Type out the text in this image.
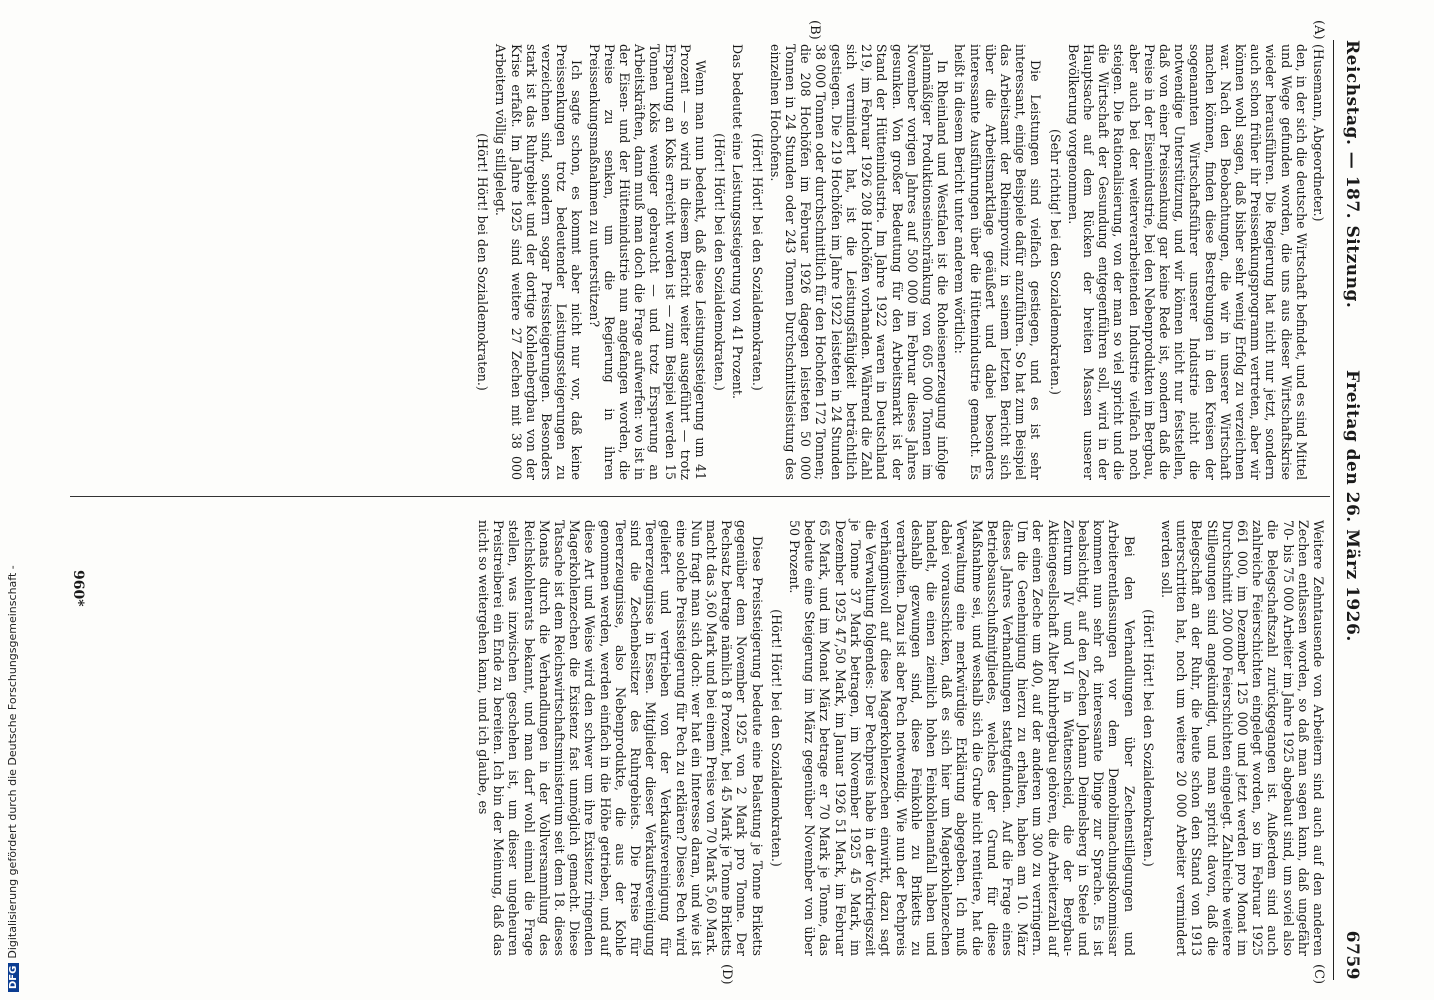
Reichstag. — 187. Sitzung.
Freitag den 26. März 1926.
6759
(A)
(B)
(C)
(D)

(Husemann, Abgeordneter.)

den, in der sich die deutsche Wirtschaft befindet, und es sind Mittel und Wege gefunden worden, die uns aus dieser Wirtschaftskrise wieder herausführen. Die Regierung hat nicht nur jetzt, sondern auch schon früher ihr Preissenkungsprogramm vertreten, aber wir können wohl sagen, daß bisher sehr wenig Erfolg zu verzeichnen war. Nach den Beobachtungen, die wir in unserer Wirtschaft machen können, finden diese Bestrebungen in den Kreisen der sogenannten Wirtschaftsführer unserer Industrie nicht die notwendige Unterstützung, und wir können nicht nur feststellen, daß von einer Preissenkung gar keine Rede ist, sondern daß die Preise in der Eisenindustrie, bei den Nebenprodukten im Bergbau, aber auch bei der weiterverarbeitenden Industrie vielfach noch steigen. Die Rationalisierung, von der man so viel spricht und die die Wirtschaft der Gesundung entgegenführen soll, wird in der Hauptsache auf dem Rücken der breiten Massen unserer Bevölkerung vorgenommen.

(Sehr richtig! bei den Sozialdemokraten.)

Die Leistungen sind vielfach gestiegen, und es ist sehr interessant, einige Beispiele dafür anzuführen. So hat zum Beispiel das Arbeitsamt der Rheinprovinz in seinem letzten Bericht sich über die Arbeitsmarktlage geäußert und dabei besonders interessante Ausführungen über die Hüttenindustrie gemacht. Es heißt in diesem Bericht unter anderem wörtlich:

In Rheinland und Westfalen ist die Roheisenerzeugung infolge planmäßiger Produktionseinschränkung von 605 000 Tonnen im November vorigen Jahres auf 500 000 im Februar dieses Jahres gesunken. Von großer Bedeutung für den Arbeitsmarkt ist der Stand der Hüttenindustrie. Im Jahre 1922 waren in Deutschland 219, im Februar 1926 208 Hochöfen vorhanden. Während die Zahl sich vermindert hat, ist die Leistungsfähigkeit beträchtlich gestiegen. Die 219 Hochöfen im Jahre 1922 leisteten in 24 Stunden 38 000 Tonnen oder durchschnittlich für den Hochofen 172 Tonnen; die 208 Hochöfen im Februar 1926 dagegen leisteten 50 000 Tonnen in 24 Stunden oder 243 Tonnen Durchschnittsleistung des einzelnen Hochofens.

(Hört! Hört! bei den Sozialdemokraten.)

Das bedeutet eine Leistungssteigerung von 41 Prozent.

(Hört! Hört! bei den Sozialdemokraten.)

Wenn man nun bedenkt, daß diese Leistungssteigerung um 41 Prozent — so wird in diesem Bericht weiter ausgeführt — trotz Ersparung an Koks erreicht worden ist — zum Beispiel werden 15 Tonnen Koks weniger gebraucht — und trotz Ersparung an Arbeitskräften, dann muß man doch die Frage aufwerfen: wo ist in der Eisen- und der Hüttenindustrie nun angefangen worden, die Preise zu senken, um die Regierung in ihren Preissenkungsmaßnahmen zu unterstützen?

Ich sagte schon, es kommt aber nicht nur vor, daß keine Preissenkungen trotz bedeutender Leistungssteigerungen zu verzeichnen sind, sondern sogar Preissteigerungen. Besonders stark ist das Ruhrgebiet und der dortige Kohlenbergbau von der Krise erfaßt. Im Jahre 1925 sind weitere 27 Zechen mit 38 000 Arbeitern völlig stillgelegt.

(Hört! Hört! bei den Sozialdemokraten.)

Weitere Zehntausende von Arbeitern sind auch auf den anderen Zechen entlassen worden, so daß man sagen kann, daß ungefähr 70- bis 75 000 Arbeiter im Jahre 1925 abgebaut sind, um soviel also die Belegschaftszahl zurückgegangen ist. Außerdem sind auch zahlreiche Feierschichten eingelegt worden, so im Februar 1925 661 000, im Dezember 125 000 und jetzt werden pro Monat im Durchschnitt 200 000 Feierschichten eingelegt. Zahlreiche weitere Stillegungen sind angekündigt, und man spricht davon, daß die Belegschaft an der Ruhr, die heute schon den Stand von 1913 unterschritten hat, noch um weitere 20 000 Arbeiter vermindert werden soll.

(Hört! Hört! bei den Sozialdemokraten.)

Bei den Verhandlungen über Zechenstillegungen und Arbeiterentlassungen vor dem Demobilmachungskommissar kommen nun sehr oft interessante Dinge zur Sprache. Es ist beabsichtigt, auf den Zechen Johann Deimelsberg in Steele und Zentrum IV und VI in Wattenscheid, die der Bergbau-Aktiengesellschaft Alter Ruhrbergbau gehören, die Arbeiterzahl auf der einen Zeche um 400, auf der anderen um 300 zu verringern. Um die Genehmigung hierzu zu erhalten, haben am 10. März dieses Jahres Verhandlungen stattgefunden. Auf die Frage eines Betriebsausschußmitgliedes, welches der Grund für diese Maßnahme sei, und weshalb sich die Grube nicht rentiere, hat die Verwaltung eine merkwürdige Erklärung abgegeben. Ich muß dabei vorausschicken, daß es sich hier um Magerkohlenzechen handelt, die einen ziemlich hohen Feinkohlenanfall haben und deshalb gezwungen sind, diese Feinkohle zu Briketts zu verarbeiten. Dazu ist aber Pech notwendig. Wie nun der Pechpreis verhängnisvoll auf diese Magerkohlenzechen einwirkt, dazu sagt die Verwaltung folgendes: Der Pechpreis habe in der Vorkriegszeit je Tonne 37 Mark betragen, im November 1925 45 Mark, im Dezember 1925 47,50 Mark, im Januar 1926 51 Mark, im Februar 65 Mark, und im Monat März betrage er 70 Mark je Tonne, das bedeute eine Steigerung im März gegenüber November von über 50 Prozent.

(Hört! Hört! bei den Sozialdemokraten.)

Diese Preissteigerung bedeute eine Belastung je Tonne Briketts gegenüber dem November 1925 von 2 Mark pro Tonne. Der Pechsatz betrage nämlich 8 Prozent, bei 45 Mark je Tonne Briketts macht das 3,60 Mark und bei einem Preise von 70 Mark 5,60 Mark. Nun fragt man sich doch: wer hat ein Interesse daran, und wie ist eine solche Preissteigerung für Pech zu erklären? Dieses Pech wird geliefert und vertrieben von der Verkaufsvereinigung für Teererzeugnisse in Essen. Mitglieder dieser Verkaufsvereinigung sind die Zechenbesitzer des Ruhrgebiets. Die Preise für Teererzeugnisse, also Nebenprodukte, die aus der Kohle genommen werden, werden einfach in die Höhe getrieben, und auf diese Art und Weise wird den schwer um ihre Existenz ringenden Magerkohlenzechen die Existenz fast unmöglich gemacht. Diese Tatsache ist dem Reichswirtschaftsministerium seit dem 18. dieses Monats durch die Verhandlungen in der Vollversammlung des Reichskohlenrats bekannt, und man darf wohl einmal die Frage stellen, was inzwischen geschehen ist, um dieser ungeheuren Preistreiberei ein Ende zu bereiten. Ich bin der Meinung, daß das nicht so weitergehen kann, und ich glaube, es

960*
DFGDigitalisierung gefördert durch die Deutsche Forschungsgemeinschaft -
